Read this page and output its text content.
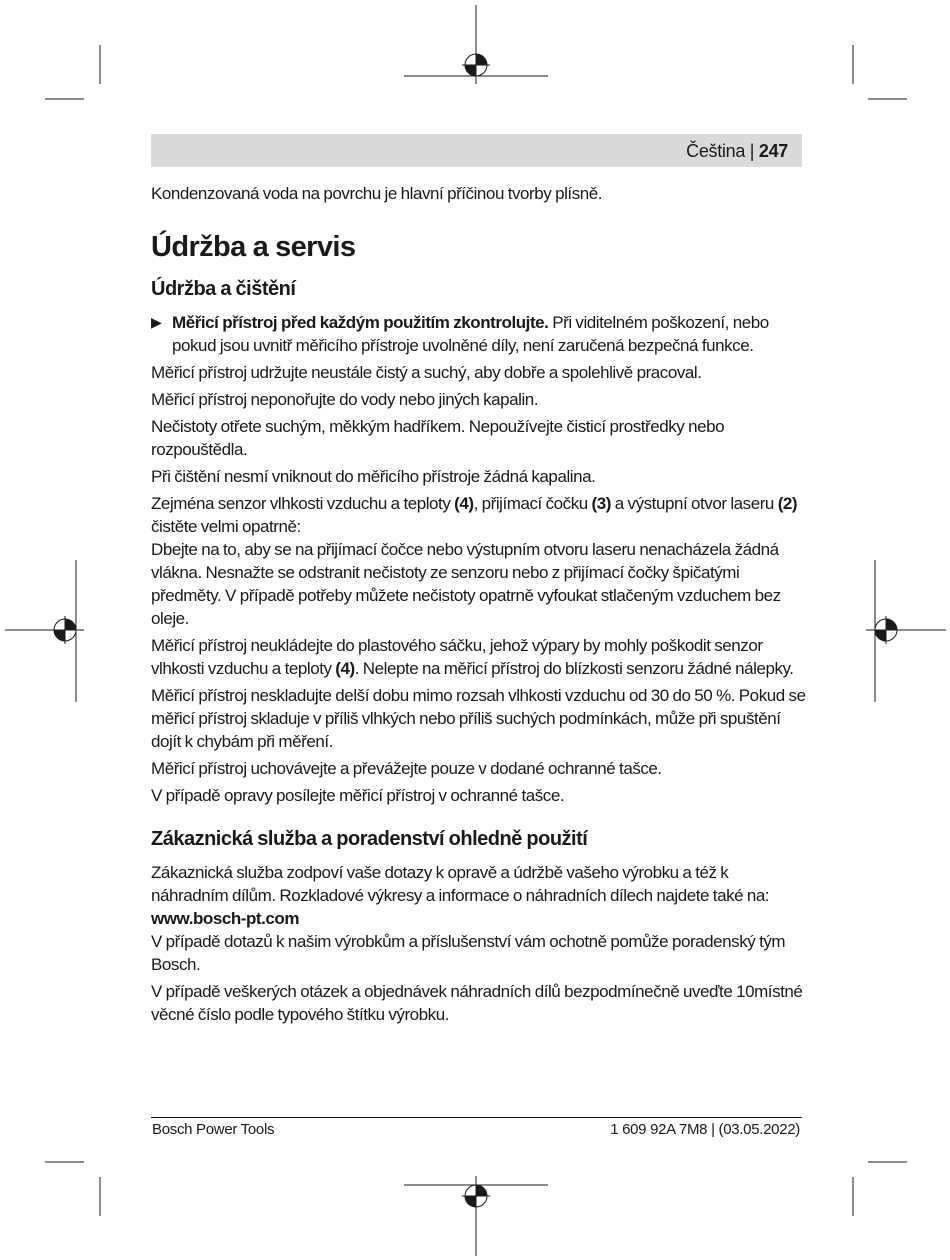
Čeština | 247

Kondenzovaná voda na povrchu je hlavní příčinou tvorby plísně.

Údržba a servis
Údržba a čištění
▶ Měřicí přístroj před každým použitím zkontrolujte. Při viditelném poškození, nebo pokud jsou uvnitř měřicího přístroje uvolněné díly, není zaručená bezpečná funkce.

Měřicí přístroj udržujte neustále čistý a suchý, aby dobře a spolehlivě pracoval.

Měřicí přístroj neponořujte do vody nebo jiných kapalin.

Nečistoty otřete suchým, měkkým hadříkem. Nepoužívejte čisticí prostředky nebo rozpouštědla.

Při čištění nesmí vniknout do měřicího přístroje žádná kapalina.

Zejména senzor vlhkosti vzduchu a teploty (4), přijímací čočku (3) a výstupní otvor laseru (2) čistěte velmi opatrně:

Dbejte na to, aby se na přijímací čočce nebo výstupním otvoru laseru nenacházela žádná vlákna. Nesnažte se odstranit nečistoty ze senzoru nebo z přijímací čočky špičatými předměty. V případě potřeby můžete nečistoty opatrně vyfoukat stlačeným vzduchem bez oleje.

Měřicí přístroj neukládejte do plastového sáčku, jehož výpary by mohly poškodit senzor vlhkosti vzduchu a teploty (4). Nelepte na měřicí přístroj do blízkosti senzoru žádné nálepky.

Měřicí přístroj neskladujte delší dobu mimo rozsah vlhkosti vzduchu od 30 do 50 %. Pokud se měřicí přístroj skladuje v příliš vlhkých nebo příliš suchých podmínkách, může při spuštění dojít k chybám při měření.

Měřicí přístroj uchovávejte a převážejte pouze v dodané ochranné tašce.

V případě opravy posílejte měřicí přístroj v ochranné tašce.

Zákaznická služba a poradenství ohledně použití

Zákaznická služba zodpoví vaše dotazy k opravě a údržbě vašeho výrobku a též k náhradním dílům. Rozkladové výkresy a informace o náhradních dílech najdete také na:

www.bosch-pt.com

V případě dotazů k našim výrobkům a příslušenství vám ochotně pomůže poradenský tým Bosch.

V případě veškerých otázek a objednávek náhradních dílů bezpodmínečně uveďte 10místné věcné číslo podle typového štítku výrobku.

Bosch Power Tools	1 609 92A 7M8 | (03.05.2022)
